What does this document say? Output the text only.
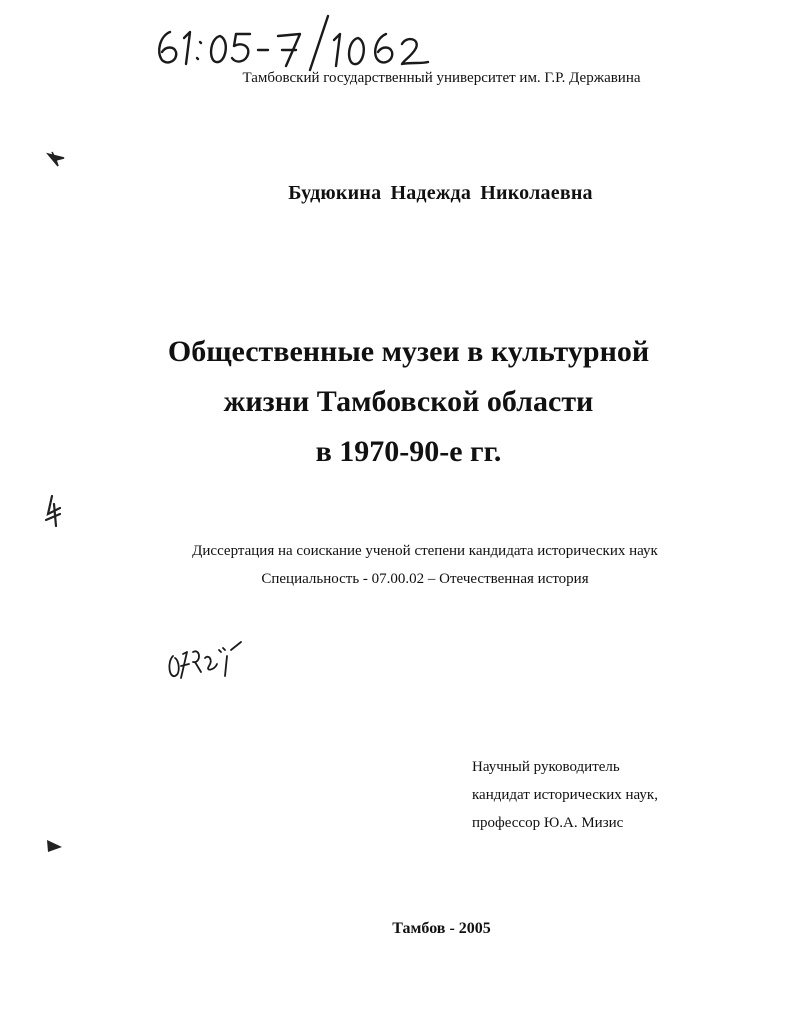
Тамбовский государственный университет им. Г.Р. Державина
Будюкина Надежда Николаевна
Общественные музеи в культурной
жизни Тамбовской области
в 1970-90-е гг.
Диссертация на соискание ученой степени кандидата исторических наук
Специальность - 07.00.02 – Отечественная история
Научный руководитель
кандидат исторических наук,
профессор Ю.А. Мизис
Тамбов - 2005
